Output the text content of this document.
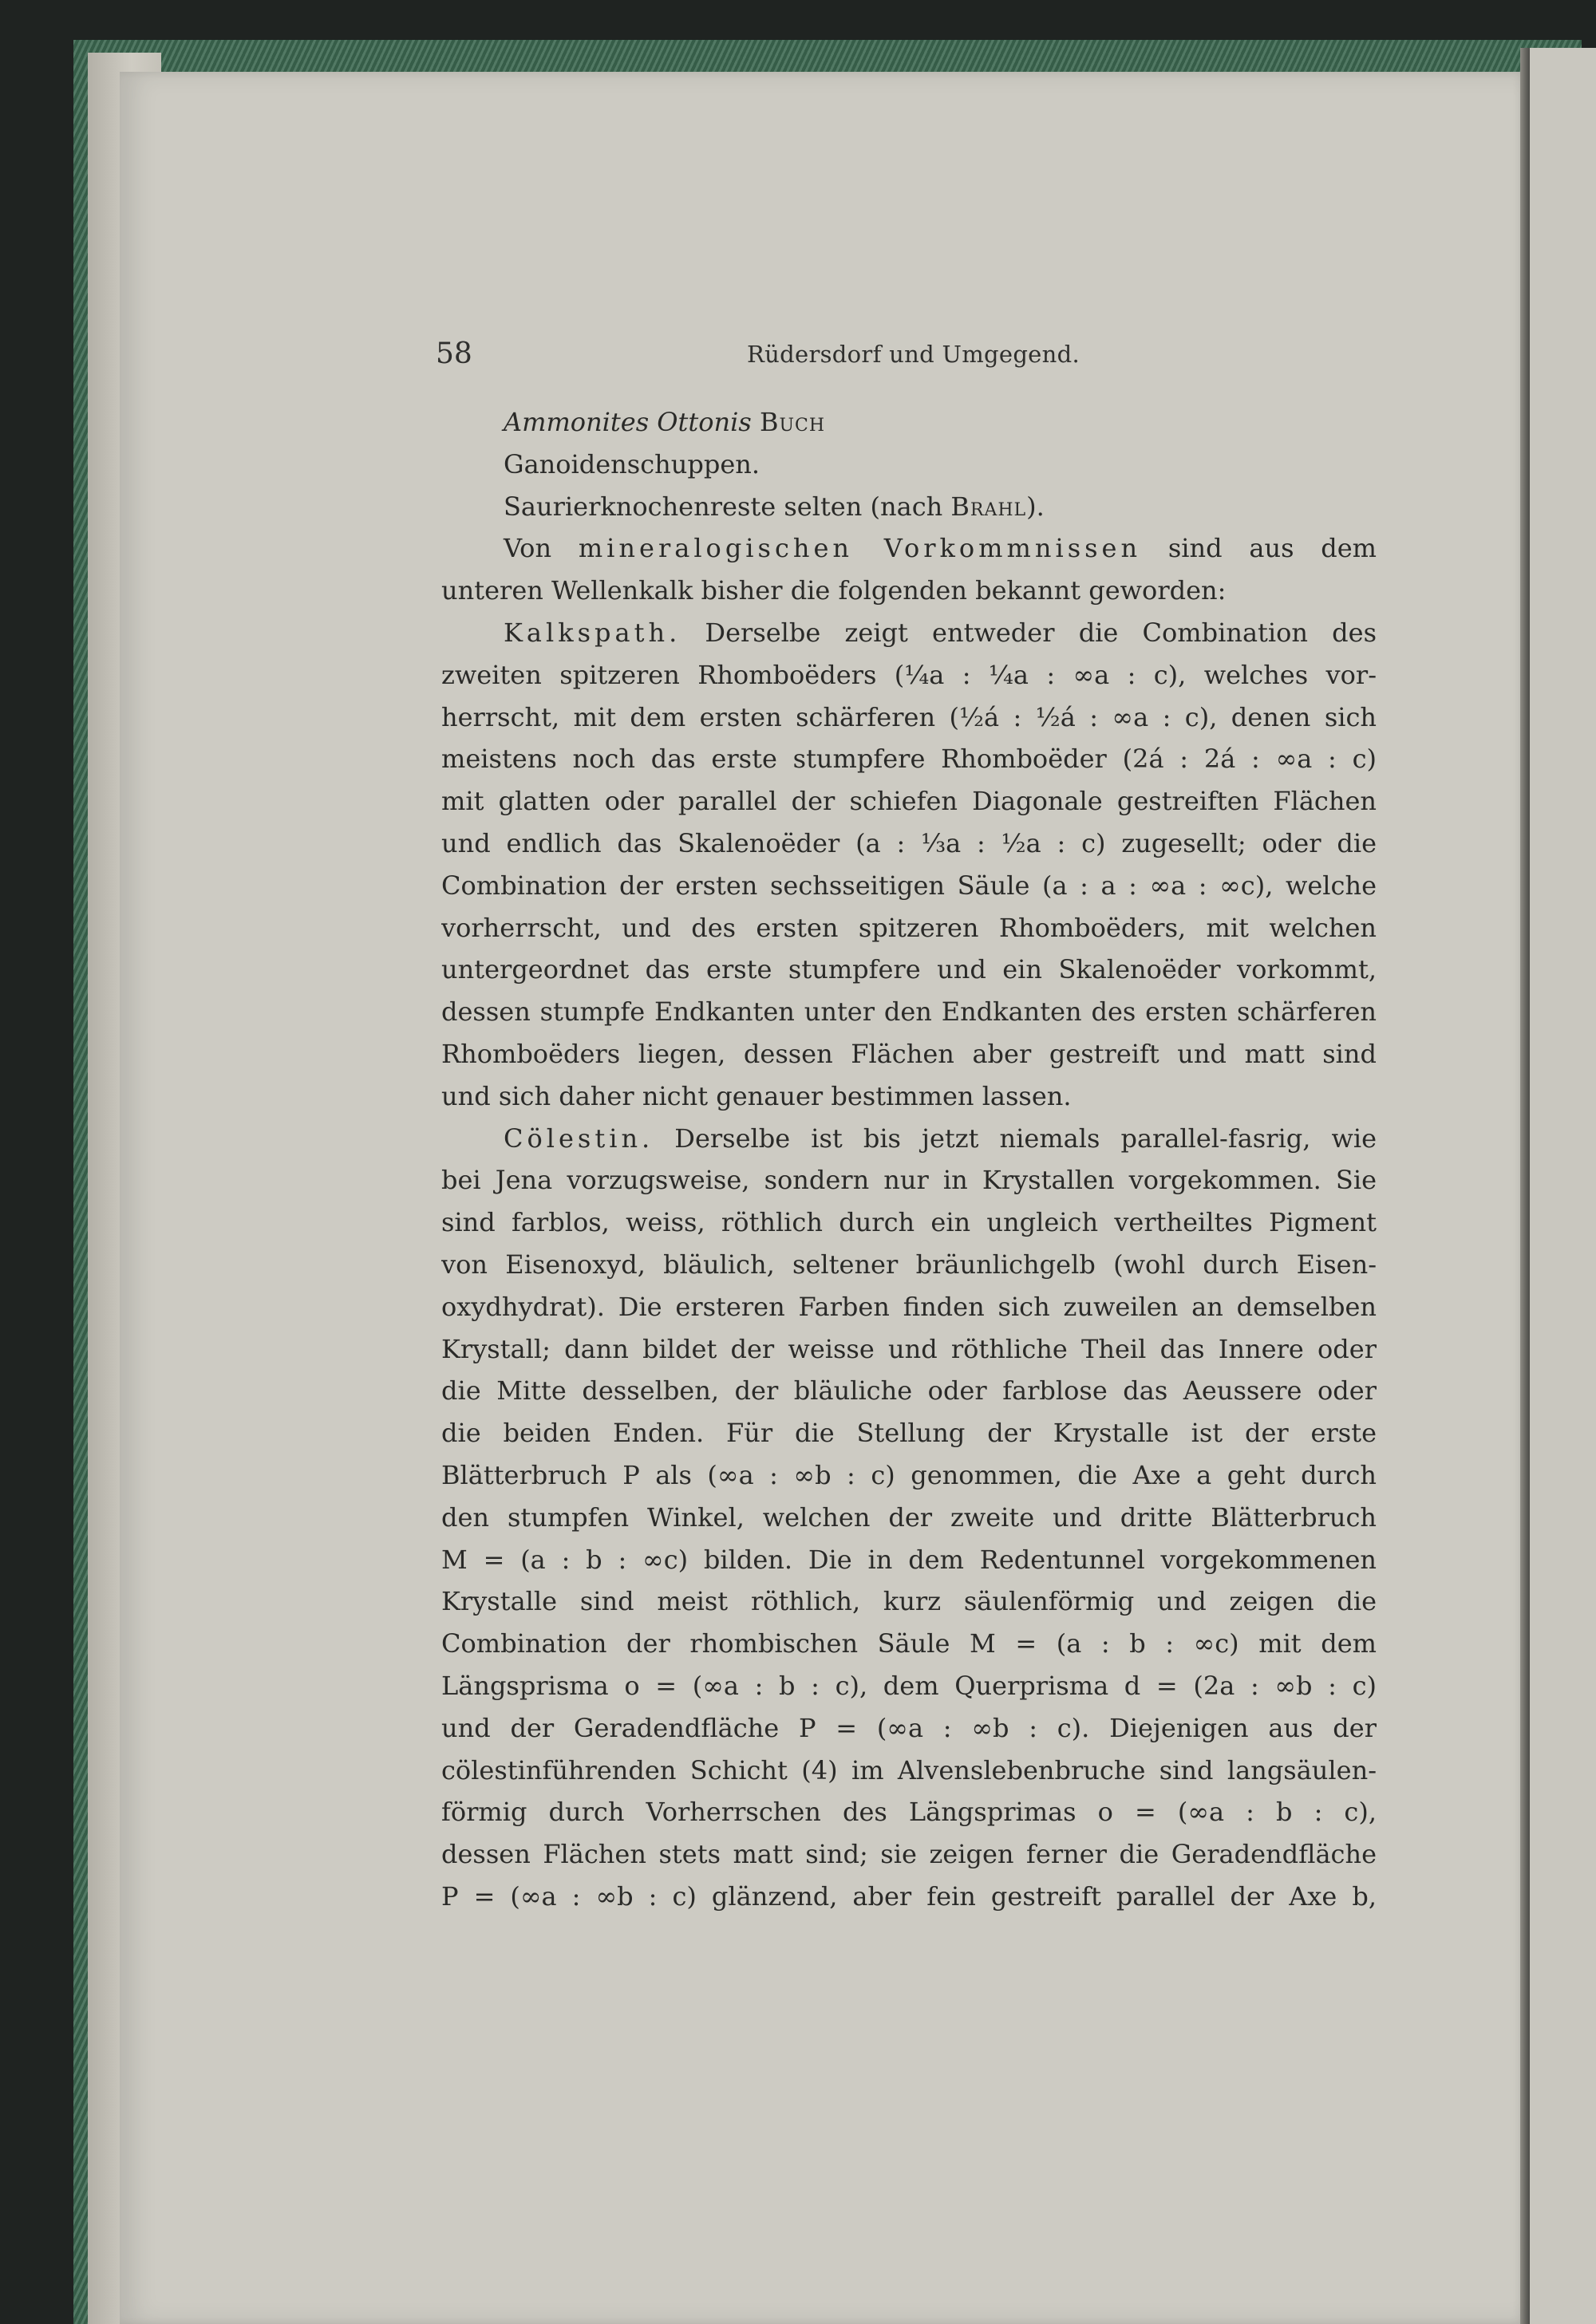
58	Rüdersdorf und Umgegend.
Ammonites Ottonis Buch
Ganoidenschuppen.
Saurierknochenreste selten (nach Brahl).
Von mineralogischen Vorkommnissen sind aus dem
unteren Wellenkalk bisher die folgenden bekannt geworden:
Kalkspath. Derselbe zeigt entweder die Combination des
zweiten spitzeren Rhomboëders (¼a : ¼a : ∞a : c), welches vor-
herrscht, mit dem ersten schärferen (½á : ½á : ∞a : c), denen sich
meistens noch das erste stumpfere Rhomboëder (2á : 2á : ∞a : c)
mit glatten oder parallel der schiefen Diagonale gestreiften Flächen
und endlich das Skalenoëder (a : ⅓a : ½a : c) zugesellt; oder die
Combination der ersten sechsseitigen Säule (a : a : ∞a : ∞c), welche
vorherrscht, und des ersten spitzeren Rhomboëders, mit welchen
untergeordnet das erste stumpfere und ein Skalenoëder vorkommt,
dessen stumpfe Endkanten unter den Endkanten des ersten schärferen
Rhomboëders liegen, dessen Flächen aber gestreift und matt sind
und sich daher nicht genauer bestimmen lassen.
Cölestin. Derselbe ist bis jetzt niemals parallel-fasrig, wie
bei Jena vorzugsweise, sondern nur in Krystallen vorgekommen. Sie
sind farblos, weiss, röthlich durch ein ungleich vertheiltes Pigment
von Eisenoxyd, bläulich, seltener bräunlichgelb (wohl durch Eisen-
oxydhydrat). Die ersteren Farben finden sich zuweilen an demselben
Krystall; dann bildet der weisse und röthliche Theil das Innere oder
die Mitte desselben, der bläuliche oder farblose das Aeussere oder
die beiden Enden. Für die Stellung der Krystalle ist der erste
Blätterbruch P als (∞a : ∞b : c) genommen, die Axe a geht durch
den stumpfen Winkel, welchen der zweite und dritte Blätterbruch
M = (a : b : ∞c) bilden. Die in dem Redentunnel vorgekommenen
Krystalle sind meist röthlich, kurz säulenförmig und zeigen die
Combination der rhombischen Säule M = (a : b : ∞c) mit dem
Längsprisma o = (∞a : b : c), dem Querprisma d = (2a : ∞b : c)
und der Geradendfläche P = (∞a : ∞b : c). Diejenigen aus der
cölestinführenden Schicht (4) im Alvenslebenbruche sind langsäulen-
förmig durch Vorherrschen des Längsprimas o = (∞a : b : c),
dessen Flächen stets matt sind; sie zeigen ferner die Geradendfläche
P = (∞a : ∞b : c) glänzend, aber fein gestreift parallel der Axe b,
